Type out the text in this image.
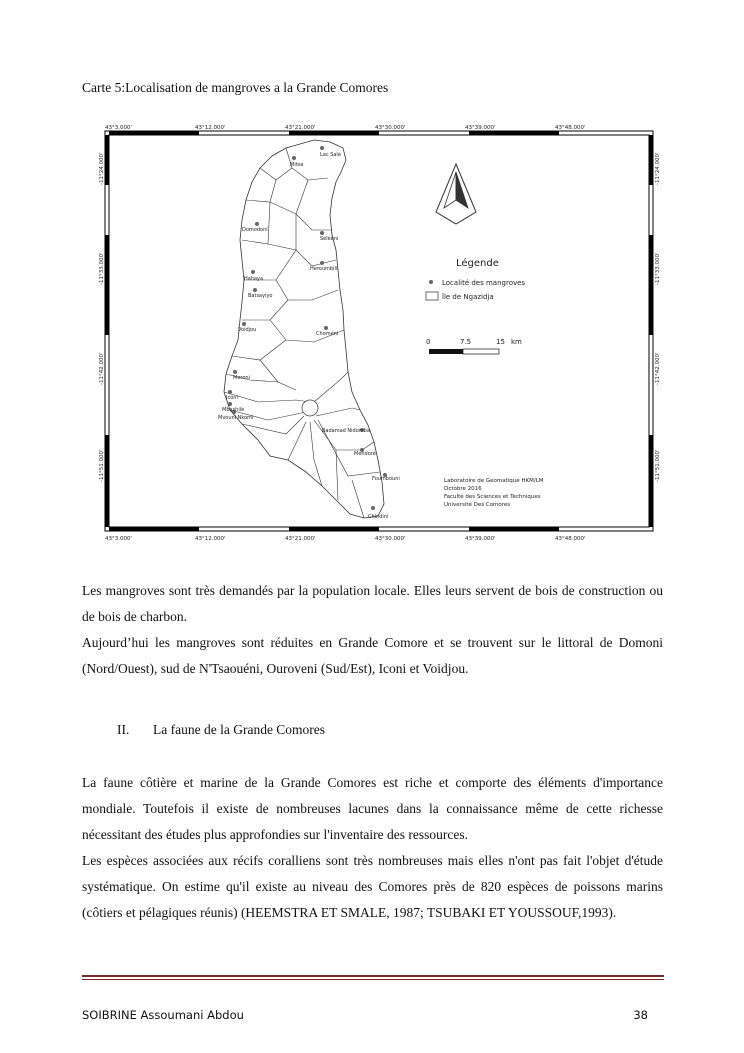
Carte 5:Localisation de mangroves a la Grande Comores
43°3.000'	43°12.000'	43°21.000'	43°30.000'	43°39.000'	43°48.000'
43°3.000'	43°12.000'	43°21.000'	43°30.000'	43°39.000'	43°48.000'
-11°24.000'
-11°33.000'
-11°42.000'
-11°51.000'
-11°24.000'
-11°33.000'
-11°42.000'
-11°51.000'
Lac Salé
Mitsa
Domodoni
Sélééni
Heroumbili
Hahaya
Batsayiyo
Voidjou
Choméni
Moroni
Iconi
Mbashilé
Mvouni Nkomi
Badamad Nidomba
Mendoré
Foumbouni
Chindini
Légende
Localité des mangroves
île de Ngazidja
0	7.5	15 km
Laboratoire de Geomatique HKM/LM
Octobre 2016
Faculté des Sciences et Techniques
Université Des Comores

Les mangroves sont très demandés par la population locale. Elles leurs servent de bois de construction ou de bois de charbon.

Aujourd’hui les mangroves sont réduites en Grande Comore et se trouvent sur le littoral de Domoni (Nord/Ouest), sud de N'Tsaouéni, Ouroveni (Sud/Est), Iconi et Voidjou.

II. La faune de la Grande Comores

La faune côtière et marine de la Grande Comores est riche et comporte des éléments d'importance mondiale. Toutefois il existe de nombreuses lacunes dans la connaissance même de cette richesse nécessitant des études plus approfondies sur l'inventaire des ressources.

Les espèces associées aux récifs coralliens sont très nombreuses mais elles n'ont pas fait l'objet d'étude systématique. On estime qu'il existe au niveau des Comores près de 820 espèces de poissons marins (côtiers et pélagiques réunis) (HEEMSTRA ET SMALE, 1987; TSUBAKI ET YOUSSOUF,1993).

SOIBRINE Assoumani Abdou	38
